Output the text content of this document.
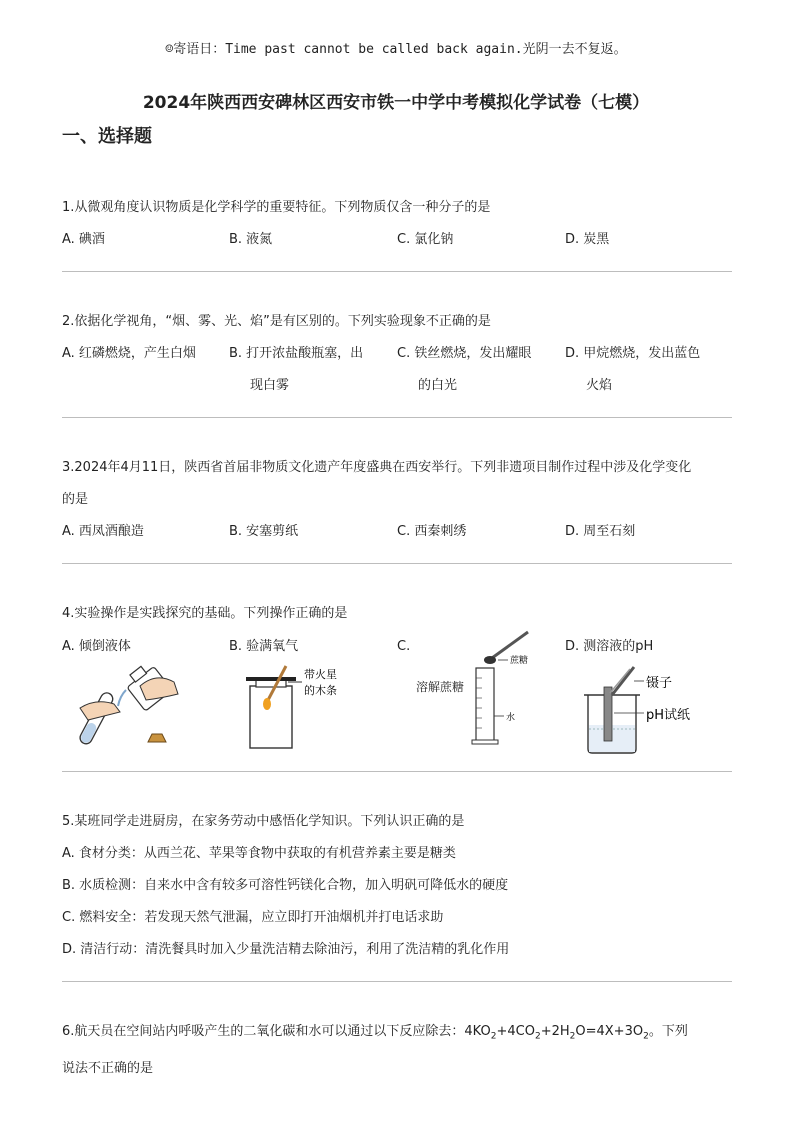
☺寄语日：Time past cannot be called back again.光阴一去不复返。
2024年陕西西安碑林区西安市铁一中学中考模拟化学试卷（七模）
一、选择题
1.从微观角度认识物质是化学科学的重要特征。下列物质仅含一种分子的是
A. 碘酒	B. 液氮	C. 氯化钠	D. 炭黑
2.依据化学视角，“烟、雾、光、焰”是有区别的。下列实验现象不正确的是
A. 红磷燃烧，产生白烟	B. 打开浓盐酸瓶塞，出
现白雾
C. 铁丝燃烧，发出耀眼
的白光
D. 甲烷燃烧，发出蓝色
火焰
3.2024年4月11日，陕西省首届非物质文化遗产年度盛典在西安举行。下列非遗项目制作过程中涉及化学变化
的是
A. 西凤酒酿造	B. 安塞剪纸	C. 西秦刺绣	D. 周至石刻
4.实验操作是实践探究的基础。下列操作正确的是
A. 倾倒液体	B. 验满氧气	C.	D. 测溶液的pH
带火星
的木条	溶解蔗糖
蔗糖
水
镊子
pH试纸
5.某班同学走进厨房，在家务劳动中感悟化学知识。下列认识正确的是
A. 食材分类：从西兰花、苹果等食物中获取的有机营养素主要是糖类
B. 水质检测：自来水中含有较多可溶性钙镁化合物，加入明矾可降低水的硬度
C. 燃料安全：若发现天然气泄漏，应立即打开油烟机并打电话求助
D. 清洁行动：清洗餐具时加入少量洗洁精去除油污，利用了洗洁精的乳化作用
6.航天员在空间站内呼吸产生的二氧化碳和水可以通过以下反应除去：$4KO_2+4CO_2+2H_2O=4X+3O_2$。下列
说法不正确的是
